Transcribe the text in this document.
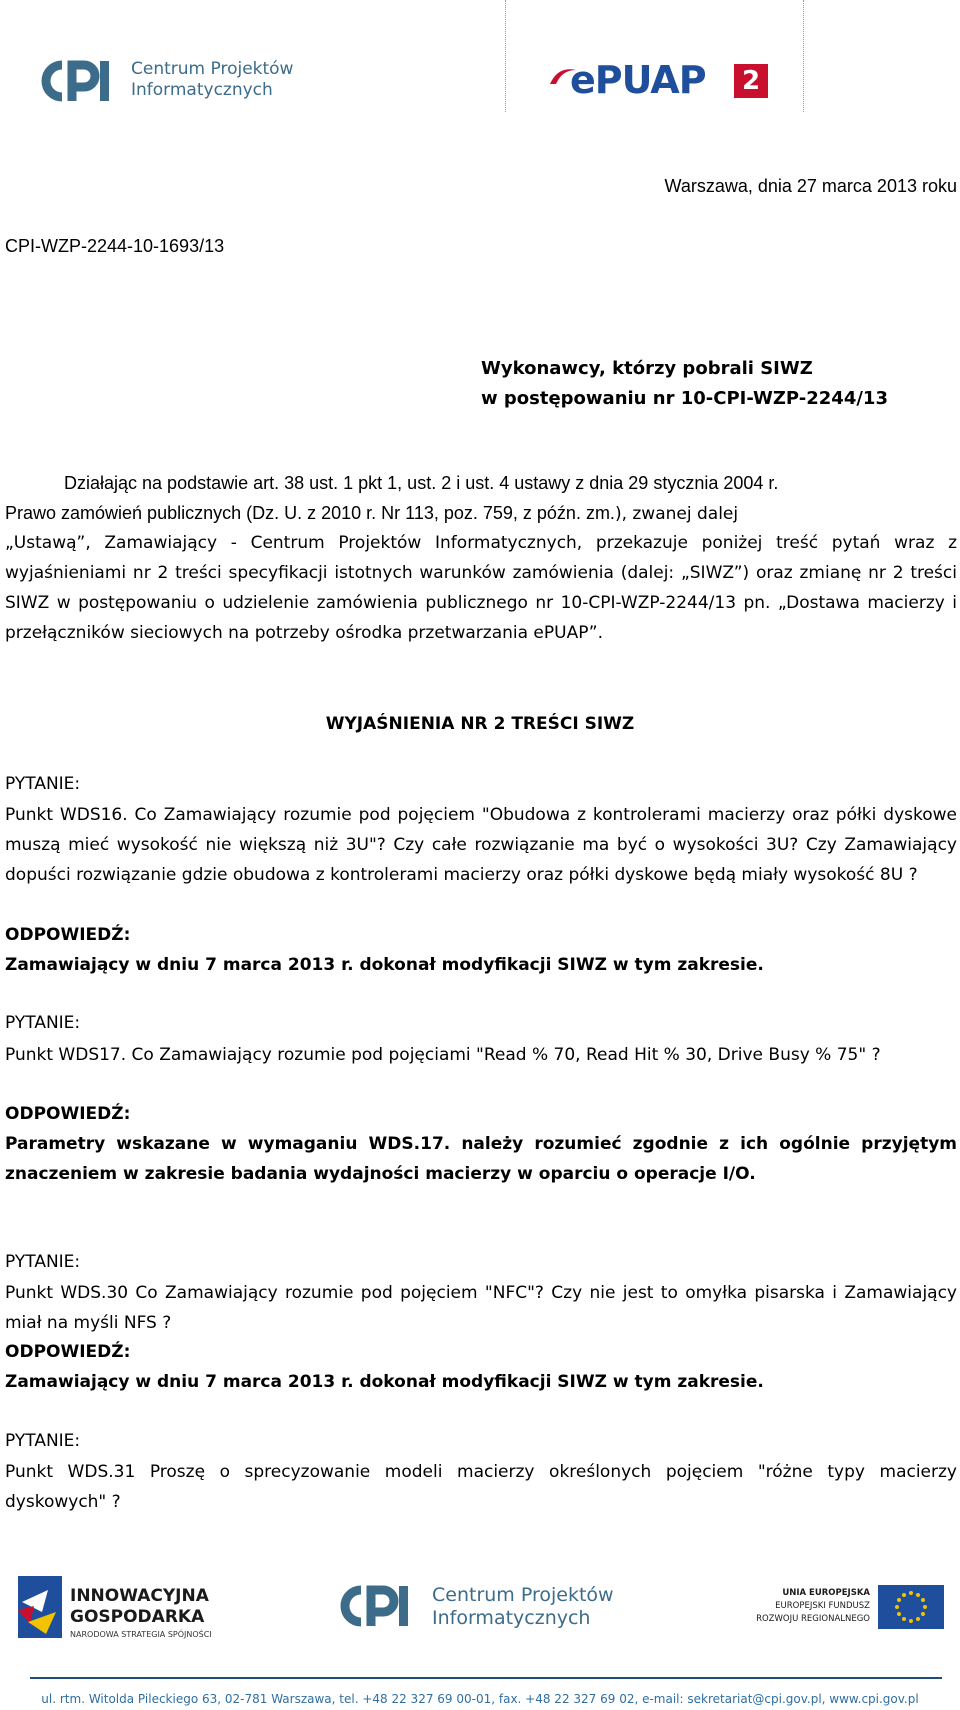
Centrum Projektów
Informatycznych	ePUAP	2
Warszawa, dnia 27 marca 2013 roku
CPI-WZP-2244-10-1693/13
Wykonawcy, którzy pobrali SIWZ
w postępowaniu nr 10-CPI-WZP-2244/13
Działając na podstawie art. 38 ust. 1 pkt 1, ust. 2 i ust. 4 ustawy z dnia 29 stycznia 2004 r.
Prawo zamówień publicznych (Dz. U. z 2010 r. Nr 113, poz. 759, z późn. zm.), zwanej dalej
„Ustawą”, Zamawiający - Centrum Projektów Informatycznych, przekazuje poniżej treść pytań wraz z wyjaśnieniami nr 2 treści specyfikacji istotnych warunków zamówienia (dalej: „SIWZ”) oraz zmianę nr 2 treści SIWZ w postępowaniu o udzielenie zamówienia publicznego nr 10-CPI-WZP-2244/13 pn. „Dostawa macierzy i przełączników sieciowych na potrzeby ośrodka przetwarzania ePUAP”.
WYJAŚNIENIA NR 2 TREŚCI SIWZ
PYTANIE:
Punkt WDS16. Co Zamawiający rozumie pod pojęciem "Obudowa z kontrolerami macierzy oraz półki dyskowe muszą mieć wysokość nie większą niż 3U"? Czy całe rozwiązanie ma być o wysokości 3U? Czy Zamawiający dopuści rozwiązanie gdzie obudowa z kontrolerami macierzy oraz półki dyskowe będą miały wysokość 8U ?
ODPOWIEDŹ:
Zamawiający w dniu 7 marca 2013 r. dokonał modyfikacji SIWZ w tym zakresie.
PYTANIE:
Punkt WDS17. Co Zamawiający rozumie pod pojęciami "Read % 70, Read Hit % 30, Drive Busy % 75" ?
ODPOWIEDŹ:
Parametry wskazane w wymaganiu WDS.17. należy rozumieć zgodnie z ich ogólnie przyjętym znaczeniem w zakresie badania wydajności macierzy w oparciu o operacje I/O.
PYTANIE:
Punkt WDS.30 Co Zamawiający rozumie pod pojęciem "NFC"? Czy nie jest to omyłka pisarska i Zamawiający miał na myśli NFS ?
ODPOWIEDŹ:
Zamawiający w dniu 7 marca 2013 r. dokonał modyfikacji SIWZ w tym zakresie.
PYTANIE:
Punkt WDS.31 Proszę o sprecyzowanie modeli macierzy określonych pojęciem "różne typy macierzy dyskowych" ?
INNOWACYJNA
GOSPODARKA
NARODOWA STRATEGIA SPÓJNOŚCI
Centrum Projektów
Informatycznych
UNIA EUROPEJSKA
EUROPEJSKI FUNDUSZ
ROZWOJU REGIONALNEGO
ul. rtm. Witolda Pileckiego 63, 02-781 Warszawa, tel. +48 22 327 69 00-01, fax. +48 22 327 69 02, e-mail: sekretariat@cpi.gov.pl, www.cpi.gov.pl
